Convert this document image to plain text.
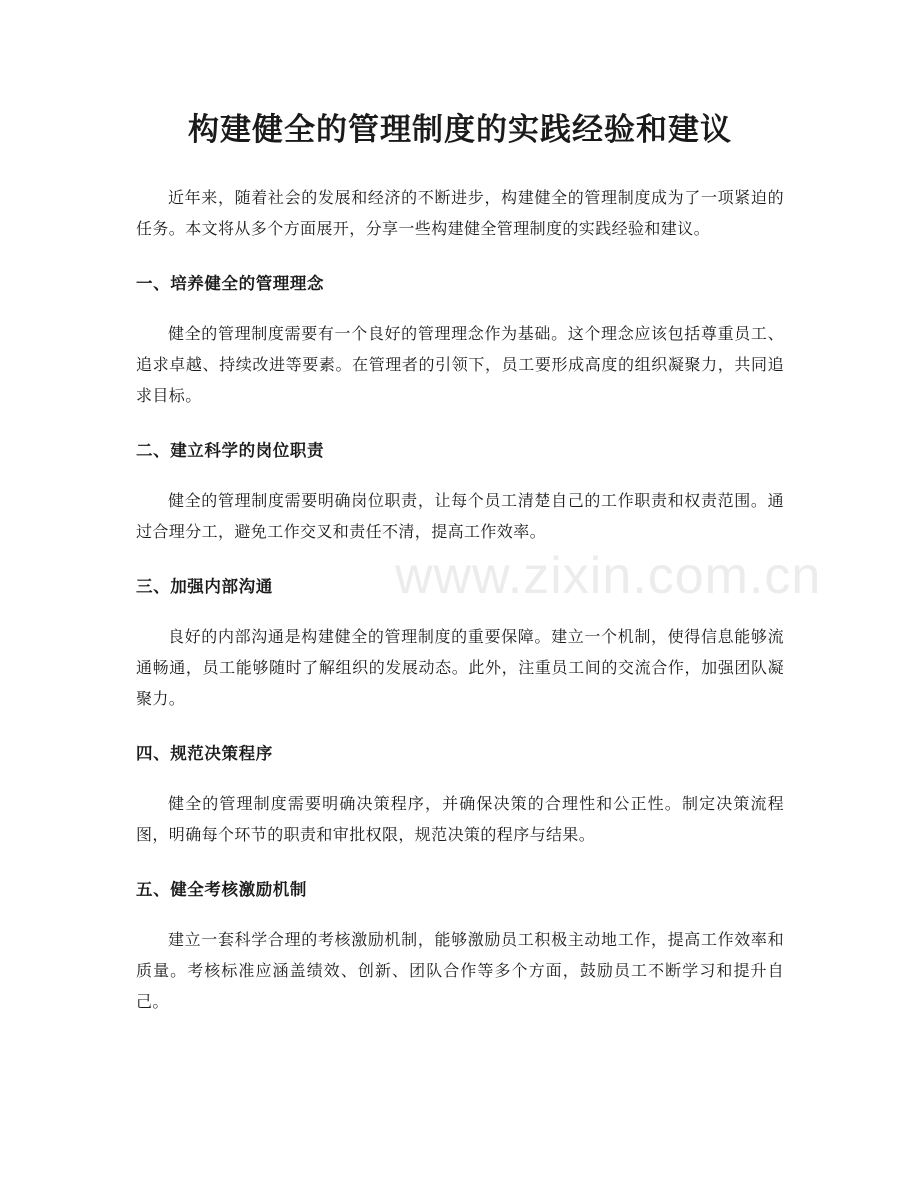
构建健全的管理制度的实践经验和建议

近年来，随着社会的发展和经济的不断进步，构建健全的管理制度成为了一项紧迫的任务。本文将从多个方面展开，分享一些构建健全管理制度的实践经验和建议。

一、培养健全的管理理念

健全的管理制度需要有一个良好的管理理念作为基础。这个理念应该包括尊重员工、追求卓越、持续改进等要素。在管理者的引领下，员工要形成高度的组织凝聚力，共同追求目标。

二、建立科学的岗位职责

健全的管理制度需要明确岗位职责，让每个员工清楚自己的工作职责和权责范围。通过合理分工，避免工作交叉和责任不清，提高工作效率。

三、加强内部沟通

良好的内部沟通是构建健全的管理制度的重要保障。建立一个机制，使得信息能够流通畅通，员工能够随时了解组织的发展动态。此外，注重员工间的交流合作，加强团队凝聚力。

四、规范决策程序

健全的管理制度需要明确决策程序，并确保决策的合理性和公正性。制定决策流程图，明确每个环节的职责和审批权限，规范决策的程序与结果。

五、健全考核激励机制

建立一套科学合理的考核激励机制，能够激励员工积极主动地工作，提高工作效率和质量。考核标准应涵盖绩效、创新、团队合作等多个方面，鼓励员工不断学习和提升自己。

www.zixin.com.cn
